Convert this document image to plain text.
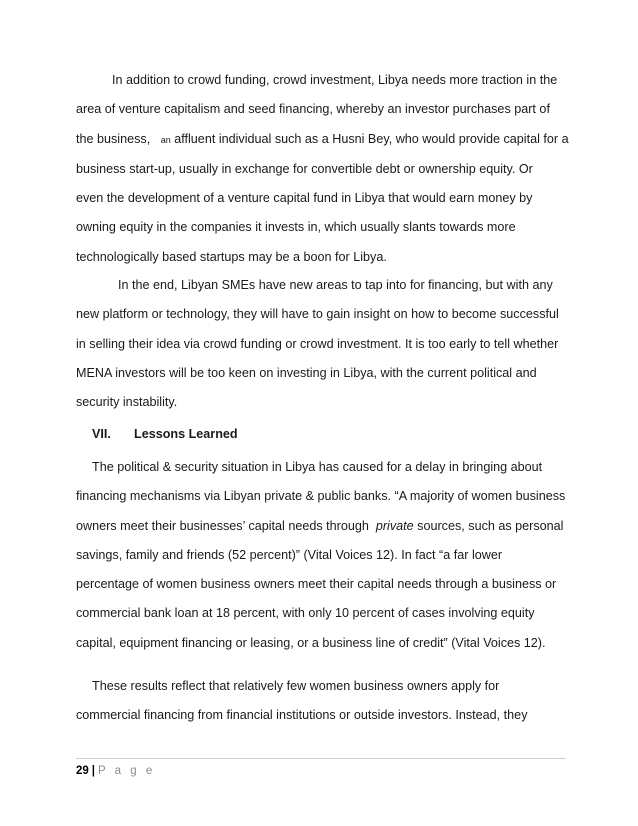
In addition to crowd funding, crowd investment, Libya needs more traction in the
area of venture capitalism and seed financing, whereby an investor purchases part of
the business, an affluent individual such as a Husni Bey, who would provide capital for a
business start-up, usually in exchange for convertible debt or ownership equity. Or
even the development of a venture capital fund in Libya that would earn money by
owning equity in the companies it invests in, which usually slants towards more
technologically based startups may be a boon for Libya.
In the end, Libyan SMEs have new areas to tap into for financing, but with any
new platform or technology, they will have to gain insight on how to become successful
in selling their idea via crowd funding or crowd investment. It is too early to tell whether
MENA investors will be too keen on investing in Libya, with the current political and
security instability.
VII. Lessons Learned
The political & security situation in Libya has caused for a delay in bringing about
financing mechanisms via Libyan private & public banks. “A majority of women business
owners meet their businesses’ capital needs through private sources, such as personal
savings, family and friends (52 percent)” (Vital Voices 12). In fact “a far lower
percentage of women business owners meet their capital needs through a business or
commercial bank loan at 18 percent, with only 10 percent of cases involving equity
capital, equipment financing or leasing, or a business line of credit” (Vital Voices 12).
These results reflect that relatively few women business owners apply for
commercial financing from financial institutions or outside investors. Instead, they
29 | P a g e
